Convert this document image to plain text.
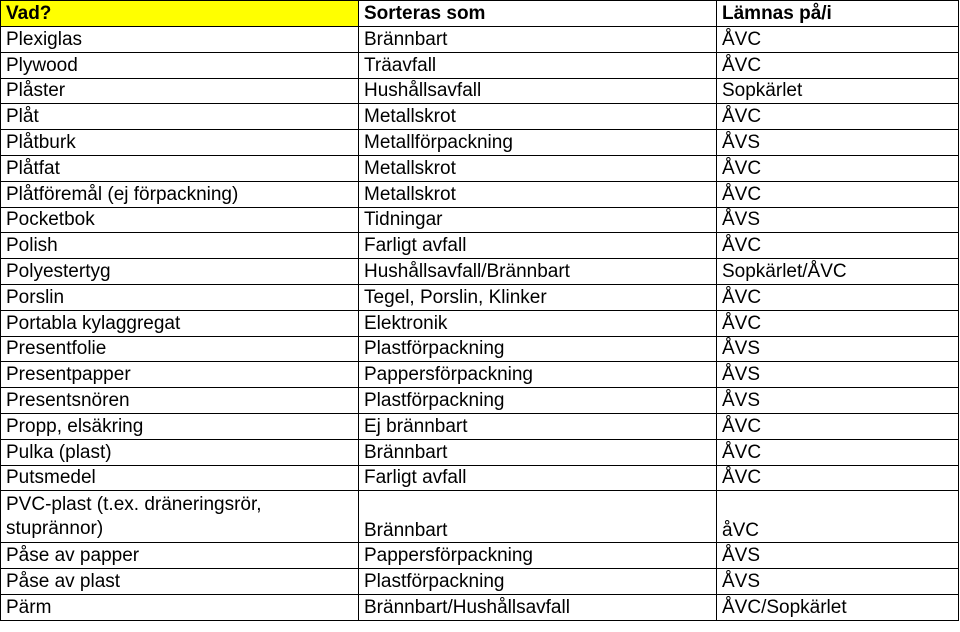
Vad?	Sorteras som	Lämnas på/i
Plexiglas	Brännbart	ÅVC
Plywood	Träavfall	ÅVC
Plåster	Hushållsavfall	Sopkärlet
Plåt	Metallskrot	ÅVC
Plåtburk	Metallförpackning	ÅVS
Plåtfat	Metallskrot	ÅVC
Plåtföremål (ej förpackning)	Metallskrot	ÅVC
Pocketbok	Tidningar	ÅVS
Polish	Farligt avfall	ÅVC
Polyestertyg	Hushållsavfall/Brännbart	Sopkärlet/ÅVC
Porslin	Tegel, Porslin, Klinker	ÅVC
Portabla kylaggregat	Elektronik	ÅVC
Presentfolie	Plastförpackning	ÅVS
Presentpapper	Pappersförpackning	ÅVS
Presentsnören	Plastförpackning	ÅVS
Propp, elsäkring	Ej brännbart	ÅVC
Pulka (plast)	Brännbart	ÅVC
Putsmedel	Farligt avfall	ÅVC
PVC-plast (t.ex. dräneringsrör, stuprännor)	Brännbart	åVC
Påse av papper	Pappersförpackning	ÅVS
Påse av plast	Plastförpackning	ÅVS
Pärm	Brännbart/Hushållsavfall	ÅVC/Sopkärlet
